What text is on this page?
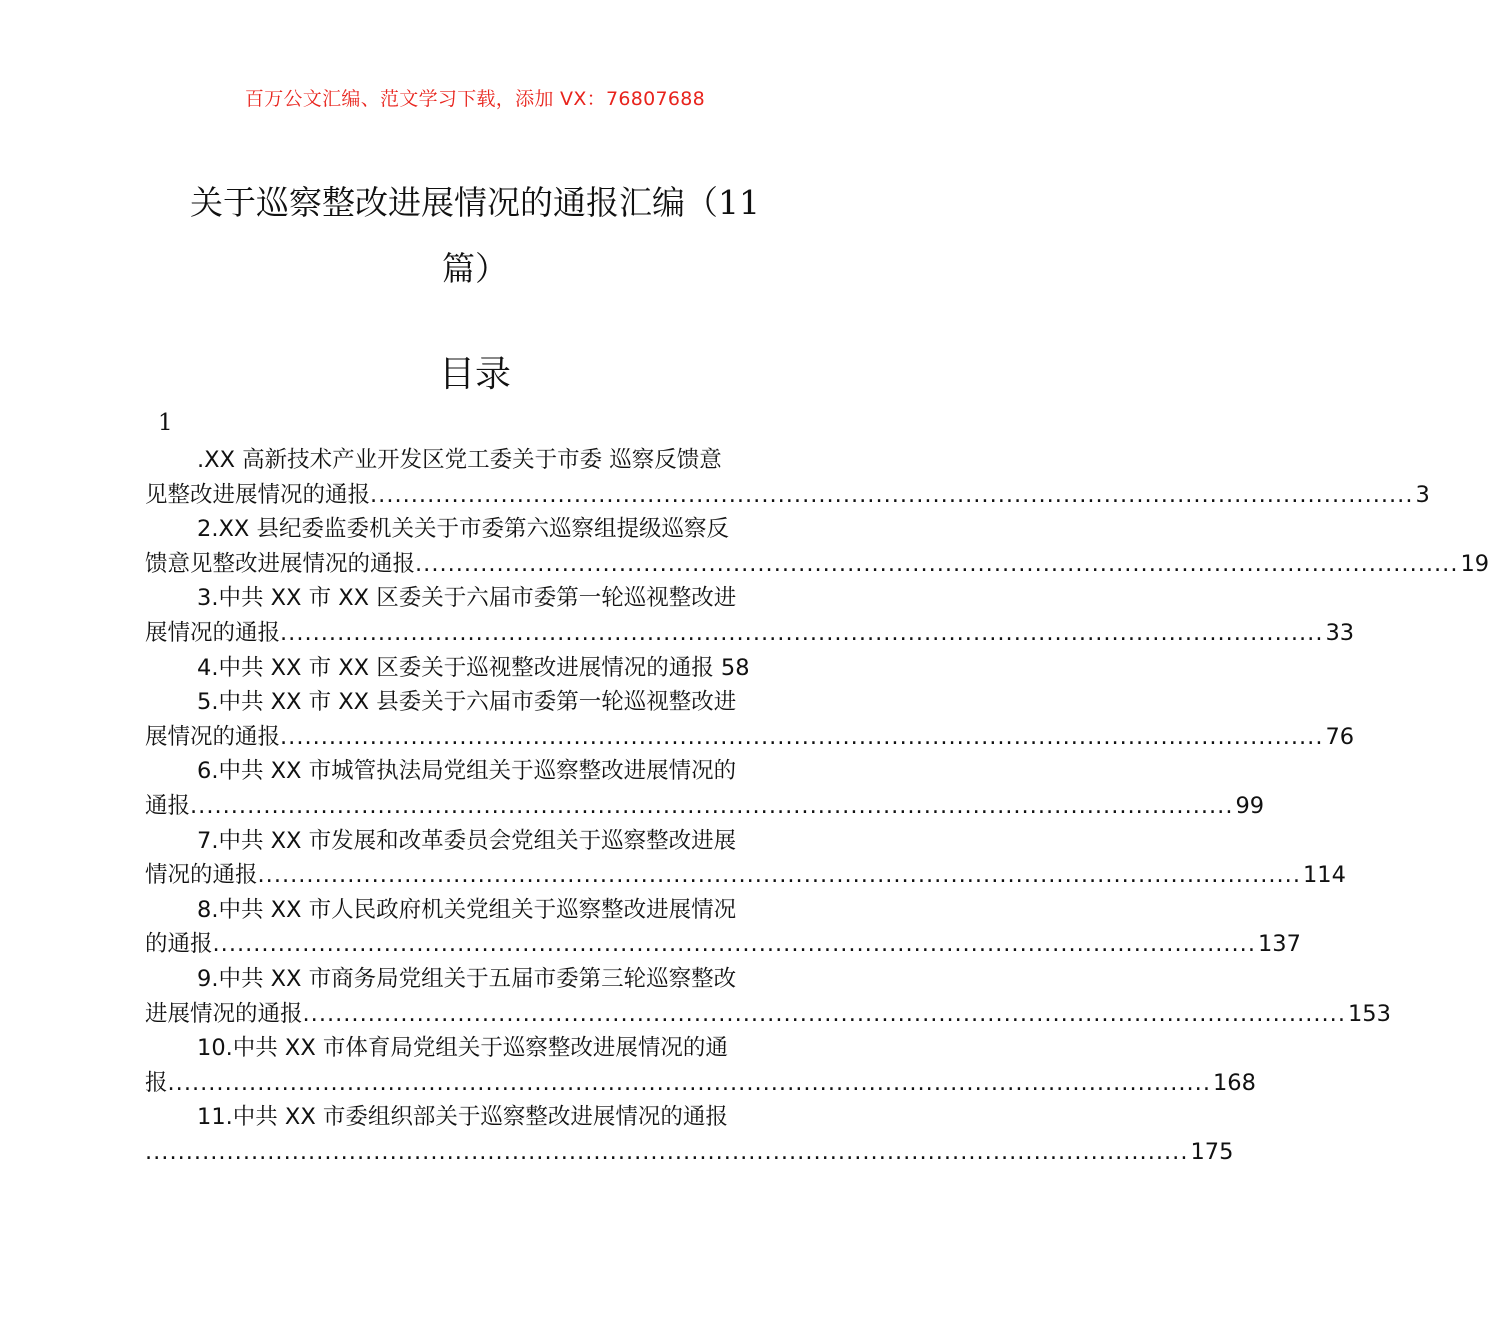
百万公文汇编、范文学习下载，添加 VX：76807688
关于巡察整改进展情况的通报汇编（11
篇）
目录
1
.XX 高新技术产业开发区党工委关于市委 巡察反馈意
见整改进展情况的通报 ................................................................................................................................ 3
2.XX 县纪委监委机关关于市委第六巡察组提级巡察反
馈意见整改进展情况的通报 ................................................................................................................................ 19
3.中共 XX 市 XX 区委关于六届市委第一轮巡视整改进
展情况的通报 ................................................................................................................................ 33
4.中共 XX 市 XX 区委关于巡视整改进展情况的通报 58
5.中共 XX 市 XX 县委关于六届市委第一轮巡视整改进
展情况的通报 ................................................................................................................................ 76
6.中共 XX 市城管执法局党组关于巡察整改进展情况的
通报 ................................................................................................................................ 99
7.中共 XX 市发展和改革委员会党组关于巡察整改进展
情况的通报 ................................................................................................................................ 114
8.中共 XX 市人民政府机关党组关于巡察整改进展情况
的通报 ................................................................................................................................ 137
9.中共 XX 市商务局党组关于五届市委第三轮巡察整改
进展情况的通报 ................................................................................................................................ 153
10.中共 XX 市体育局党组关于巡察整改进展情况的通
报 ................................................................................................................................ 168
11.中共 XX 市委组织部关于巡察整改进展情况的通报
................................................................................................................................ 175
